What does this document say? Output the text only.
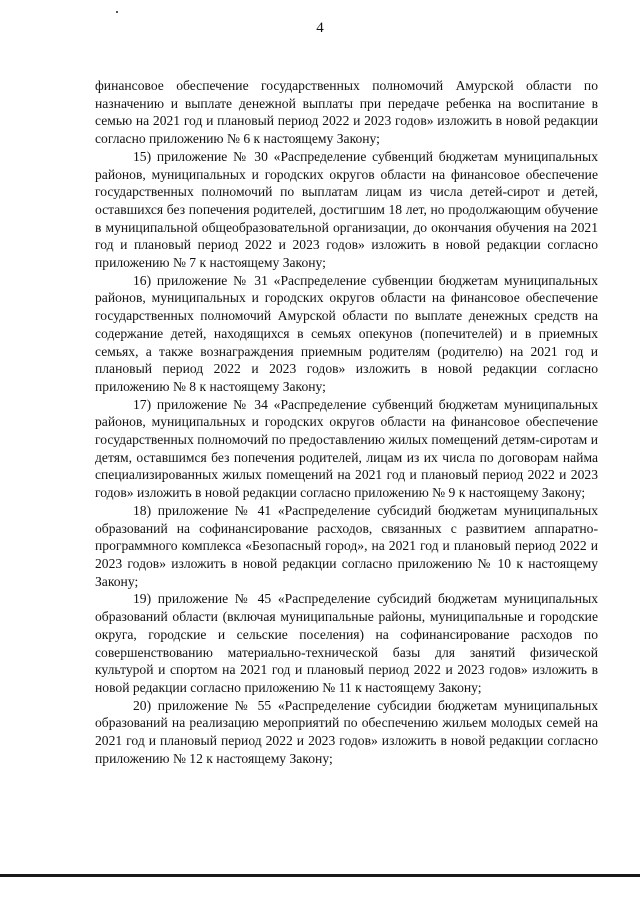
4

финансовое обеспечение государственных полномочий Амурской области по назначению и выплате денежной выплаты при передаче ребенка на воспитание в семью на 2021 год и плановый период 2022 и 2023 годов» изложить в новой редакции согласно приложению № 6 к настоящему Закону;

15) приложение № 30 «Распределение субвенций бюджетам муниципальных районов, муниципальных и городских округов области на финансовое обеспечение государственных полномочий по выплатам лицам из числа детей-сирот и детей, оставшихся без попечения родителей, достигшим 18 лет, но продолжающим обучение в муниципальной общеобразовательной организации, до окончания обучения на 2021 год и плановый период 2022 и 2023 годов» изложить в новой редакции согласно приложению № 7 к настоящему Закону;

16) приложение № 31 «Распределение субвенции бюджетам муниципальных районов, муниципальных и городских округов области на финансовое обеспечение государственных полномочий Амурской области по выплате денежных средств на содержание детей, находящихся в семьях опекунов (попечителей) и в приемных семьях, а также вознаграждения приемным родителям (родителю) на 2021 год и плановый период 2022 и 2023 годов» изложить в новой редакции согласно приложению № 8 к настоящему Закону;

17) приложение № 34 «Распределение субвенций бюджетам муниципальных районов, муниципальных и городских округов области на финансовое обеспечение государственных полномочий по предоставлению жилых помещений детям-сиротам и детям, оставшимся без попечения родителей, лицам из их числа по договорам найма специализированных жилых помещений на 2021 год и плановый период 2022 и 2023 годов» изложить в новой редакции согласно приложению № 9 к настоящему Закону;

18) приложение № 41 «Распределение субсидий бюджетам муниципальных образований на софинансирование расходов, связанных с развитием аппаратно-программного комплекса «Безопасный город», на 2021 год и плановый период 2022 и 2023 годов» изложить в новой редакции согласно приложению № 10 к настоящему Закону;

19) приложение № 45 «Распределение субсидий бюджетам муниципальных образований области (включая муниципальные районы, муниципальные и городские округа, городские и сельские поселения) на софинансирование расходов по совершенствованию материально-технической базы для занятий физической культурой и спортом на 2021 год и плановый период 2022 и 2023 годов» изложить в новой редакции согласно приложению № 11 к настоящему Закону;

20) приложение № 55 «Распределение субсидии бюджетам муниципальных образований на реализацию мероприятий по обеспечению жильем молодых семей на 2021 год и плановый период 2022 и 2023 годов» изложить в новой редакции согласно приложению № 12 к настоящему Закону;
